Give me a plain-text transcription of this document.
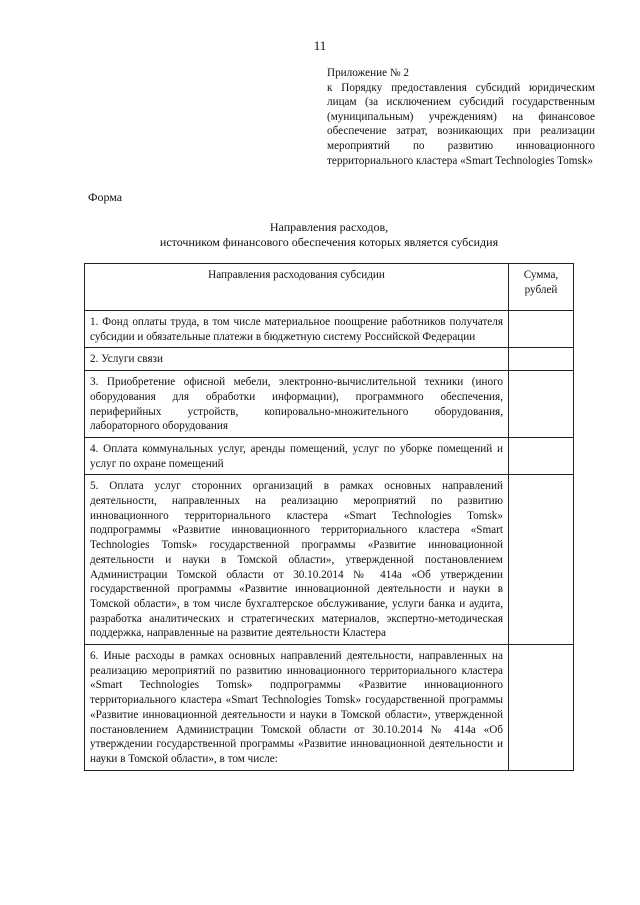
11
Приложение № 2
к Порядку предоставления субсидий юридическим лицам (за исключением субсидий государственным (муниципальным) учреждениям) на финансовое обеспечение затрат, возникающих при реализации мероприятий по развитию инновационного территориального кластера «Smart Technologies Tomsk»
Форма
Направления расходов,
источником финансового обеспечения которых является субсидия
Направления расходования субсидии	Сумма, рублей
1. Фонд оплаты труда, в том числе материальное поощрение работников получателя субсидии и обязательные платежи в бюджетную систему Российской Федерации	
2. Услуги связи	
3. Приобретение офисной мебели, электронно-вычислительной техники (иного оборудования для обработки информации), программного обеспечения, периферийных устройств, копировально-множительного оборудования, лабораторного оборудования	
4. Оплата коммунальных услуг, аренды помещений, услуг по уборке помещений и услуг по охране помещений	
5. Оплата услуг сторонних организаций в рамках основных направлений деятельности, направленных на реализацию мероприятий по развитию инновационного территориального кластера «Smart Technologies Tomsk» подпрограммы «Развитие инновационного территориального кластера «Smart Technologies Tomsk» государственной программы «Развитие инновационной деятельности и науки в Томской области», утвержденной постановлением Администрации Томской области от 30.10.2014 № 414а «Об утверждении государственной программы «Развитие инновационной деятельности и науки в Томской области», в том числе бухгалтерское обслуживание, услуги банка и аудита, разработка аналитических и стратегических материалов, экспертно-методическая поддержка, направленные на развитие деятельности Кластера	
6. Иные расходы в рамках основных направлений деятельности, направленных на реализацию мероприятий по развитию инновационного территориального кластера «Smart Technologies Tomsk» подпрограммы «Развитие инновационного территориального кластера «Smart Technologies Tomsk» государственной программы «Развитие инновационной деятельности и науки в Томской области», утвержденной постановлением Администрации Томской области от 30.10.2014 № 414а «Об утверждении государственной программы «Развитие инновационной деятельности и науки в Томской области», в том числе:	
